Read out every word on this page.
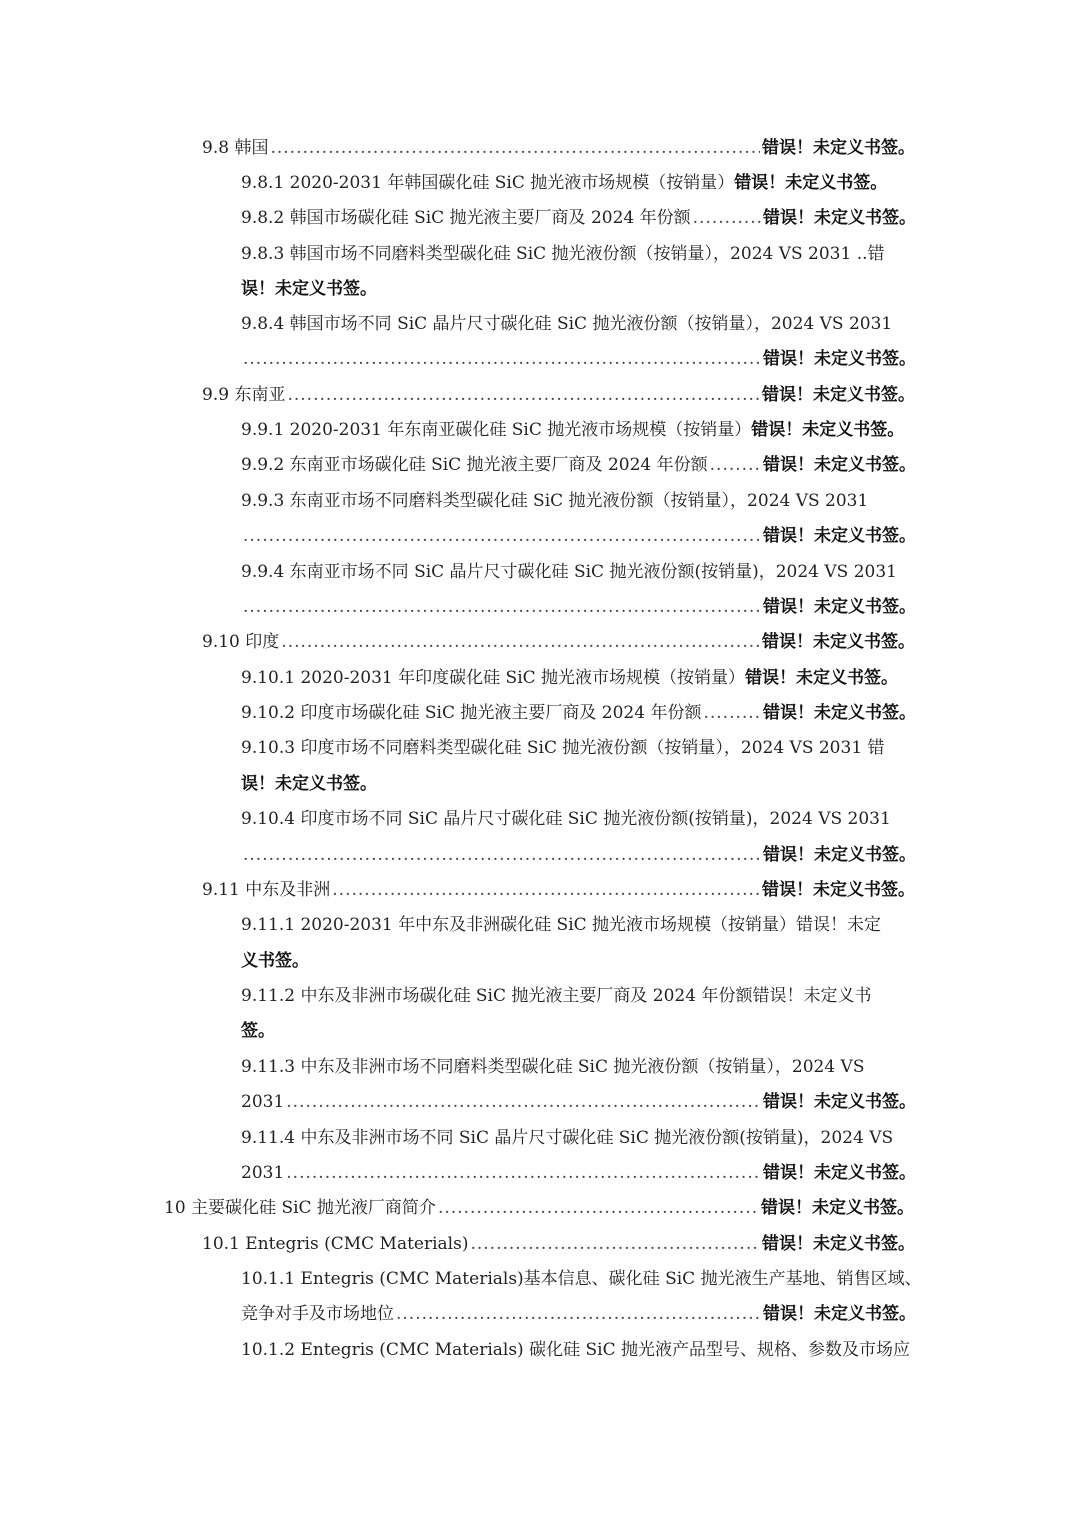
9.8 韩国 .....	错误！未定义书签。
9.8.1 2020-2031 年韩国碳化硅 SiC 抛光液市场规模（按销量） 错误！未定义书签。
9.8.2 韩国市场碳化硅 SiC 抛光液主要厂商及 2024 年份额 .....	错误！未定义书签。
9.8.3 韩国市场不同磨料类型碳化硅 SiC 抛光液份额（按销量），2024 VS 2031 ..错
误！未定义书签。
9.8.4 韩国市场不同 SiC 晶片尺寸碳化硅 SiC 抛光液份额（按销量），2024 VS 2031
.....
错误！未定义书签。
9.9 东南亚 .....	错误！未定义书签。
9.9.1 2020-2031 年东南亚碳化硅 SiC 抛光液市场规模（按销量） 错误！未定义书签。
9.9.2 东南亚市场碳化硅 SiC 抛光液主要厂商及 2024 年份额 .....	错误！未定义书签。
9.9.3 东南亚市场不同磨料类型碳化硅 SiC 抛光液份额（按销量），2024 VS 2031
.....
错误！未定义书签。
9.9.4 东南亚市场不同 SiC 晶片尺寸碳化硅 SiC 抛光液份额(按销量)，2024 VS 2031
.....
错误！未定义书签。
9.10 印度 .....	错误！未定义书签。
9.10.1 2020-2031 年印度碳化硅 SiC 抛光液市场规模（按销量） 错误！未定义书签。
9.10.2 印度市场碳化硅 SiC 抛光液主要厂商及 2024 年份额 .....	错误！未定义书签。
9.10.3 印度市场不同磨料类型碳化硅 SiC 抛光液份额（按销量），2024 VS 2031 错
误！未定义书签。
9.10.4 印度市场不同 SiC 晶片尺寸碳化硅 SiC 抛光液份额(按销量)，2024 VS 2031
.....
错误！未定义书签。
9.11 中东及非洲 .....	错误！未定义书签。
9.11.1 2020-2031 年中东及非洲碳化硅 SiC 抛光液市场规模（按销量）错误！未定
义书签。
9.11.2 中东及非洲市场碳化硅 SiC 抛光液主要厂商及 2024 年份额错误！未定义书
签。
9.11.3 中东及非洲市场不同磨料类型碳化硅 SiC 抛光液份额（按销量），2024 VS
2031 .....	错误！未定义书签。
9.11.4 中东及非洲市场不同 SiC 晶片尺寸碳化硅 SiC 抛光液份额(按销量)，2024 VS
2031 .....	错误！未定义书签。
10 主要碳化硅 SiC 抛光液厂商简介 .....	错误！未定义书签。
10.1 Entegris (CMC Materials) .....	错误！未定义书签。
10.1.1 Entegris (CMC Materials)基本信息、碳化硅 SiC 抛光液生产基地、销售区域、
竞争对手及市场地位 .....	错误！未定义书签。
10.1.2 Entegris (CMC Materials) 碳化硅 SiC 抛光液产品型号、规格、参数及市场应
